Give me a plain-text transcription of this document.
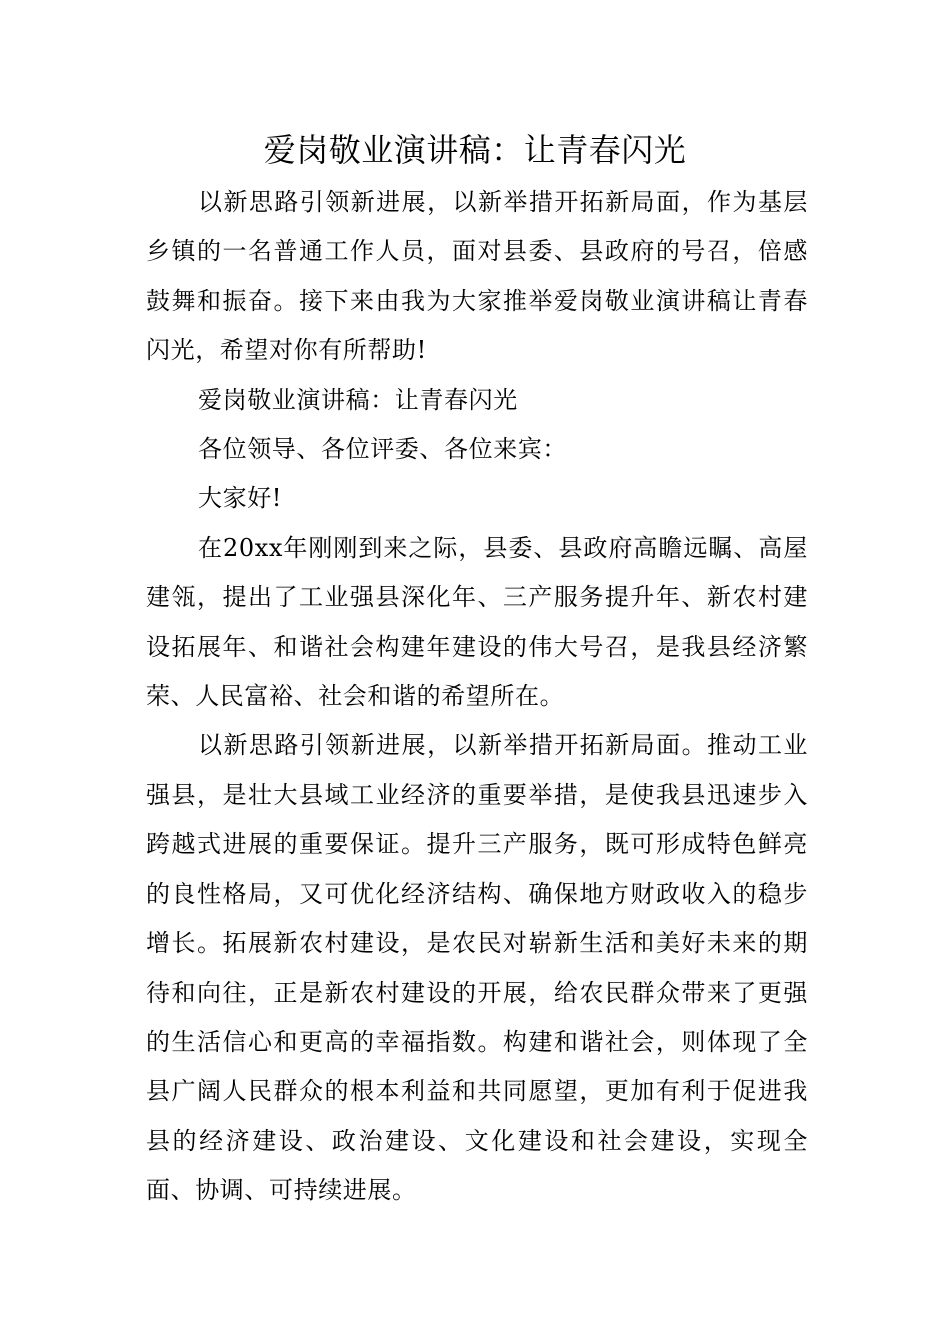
爱岗敬业演讲稿：让青春闪光

以新思路引领新进展，以新举措开拓新局面，作为基层乡镇的一名普通工作人员，面对县委、县政府的号召，倍感鼓舞和振奋。接下来由我为大家推举爱岗敬业演讲稿让青春闪光，希望对你有所帮助!

爱岗敬业演讲稿：让青春闪光

各位领导、各位评委、各位来宾：

大家好!

在20xx年刚刚到来之际，县委、县政府高瞻远瞩、高屋建瓴，提出了工业强县深化年、三产服务提升年、新农村建设拓展年、和谐社会构建年建设的伟大号召，是我县经济繁荣、人民富裕、社会和谐的希望所在。

以新思路引领新进展，以新举措开拓新局面。推动工业强县，是壮大县域工业经济的重要举措，是使我县迅速步入跨越式进展的重要保证。提升三产服务，既可形成特色鲜亮的良性格局，又可优化经济结构、确保地方财政收入的稳步增长。拓展新农村建设，是农民对崭新生活和美好未来的期待和向往，正是新农村建设的开展，给农民群众带来了更强的生活信心和更高的幸福指数。构建和谐社会，则体现了全县广阔人民群众的根本利益和共同愿望，更加有利于促进我县的经济建设、政治建设、文化建设和社会建设，实现全面、协调、可持续进展。
